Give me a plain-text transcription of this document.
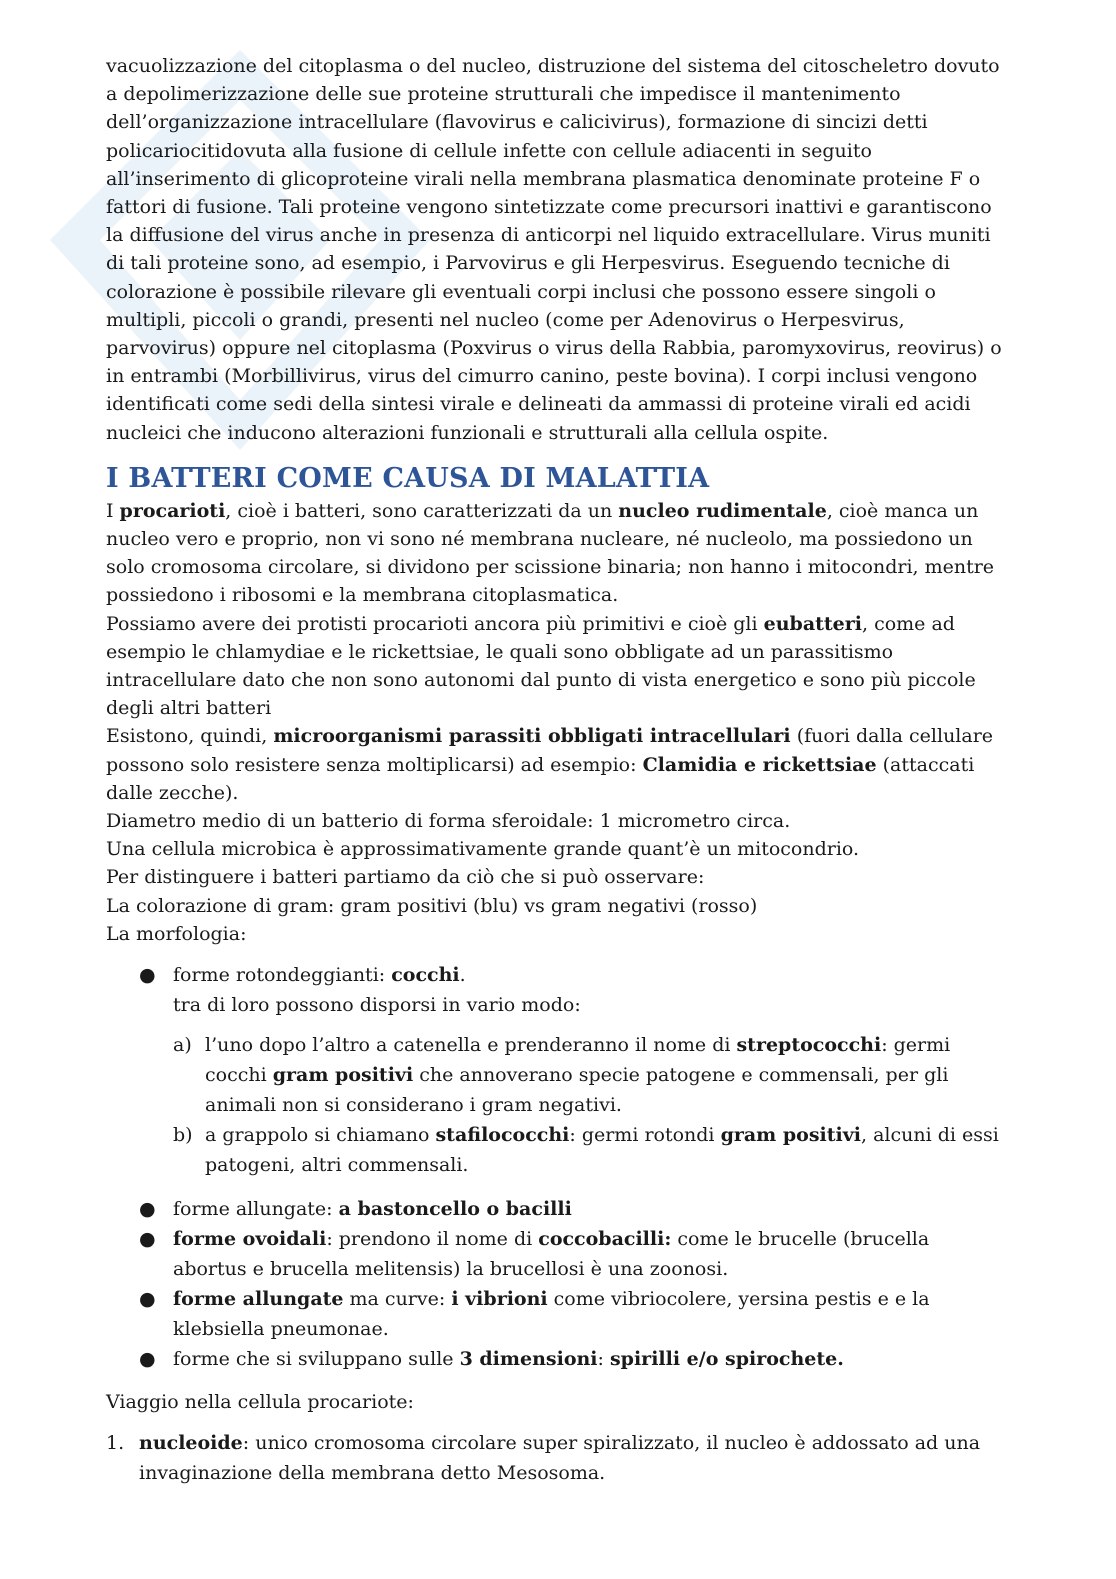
vacuolizzazione del citoplasma o del nucleo, distruzione del sistema del citoscheletro dovuto a depolimerizzazione delle sue proteine strutturali che impedisce il mantenimento dell’organizzazione intracellulare (flavovirus e calicivirus), formazione di sincizi detti policariocitidovuta alla fusione di cellule infette con cellule adiacenti in seguito all’inserimento di glicoproteine virali nella membrana plasmatica denominate proteine F o fattori di fusione. Tali proteine vengono sintetizzate come precursori inattivi e garantiscono la diffusione del virus anche in presenza di anticorpi nel liquido extracellulare. Virus muniti di tali proteine sono, ad esempio, i Parvovirus e gli Herpesvirus. Eseguendo tecniche di colorazione è possibile rilevare gli eventuali corpi inclusi che possono essere singoli o multipli, piccoli o grandi, presenti nel nucleo (come per Adenovirus o Herpesvirus, parvovirus) oppure nel citoplasma (Poxvirus o virus della Rabbia, paromyxovirus, reovirus) o in entrambi (Morbillivirus, virus del cimurro canino, peste bovina). I corpi inclusi vengono identificati come sedi della sintesi virale e delineati da ammassi di proteine virali ed acidi nucleici che inducono alterazioni funzionali e strutturali alla cellula ospite.

I BATTERI COME CAUSA DI MALATTIA

I procarioti, cioè i batteri, sono caratterizzati da un nucleo rudimentale, cioè manca un nucleo vero e proprio, non vi sono né membrana nucleare, né nucleolo, ma possiedono un solo cromosoma circolare, si dividono per scissione binaria; non hanno i mitocondri, mentre possiedono i ribosomi e la membrana citoplasmatica.

Possiamo avere dei protisti procarioti ancora più primitivi e cioè gli eubatteri, come ad esempio le chlamydiae e le rickettsiae, le quali sono obbligate ad un parassitismo intracellulare dato che non sono autonomi dal punto di vista energetico e sono più piccole degli altri batteri

Esistono, quindi, microorganismi parassiti obbligati intracellulari (fuori dalla cellulare possono solo resistere senza moltiplicarsi) ad esempio: Clamidia e rickettsiae (attaccati dalle zecche).

Diametro medio di un batterio di forma sferoidale: 1 micrometro circa.
Una cellula microbica è approssimativamente grande quant’è un mitocondrio.
Per distinguere i batteri partiamo da ciò che si può osservare:
La colorazione di gram: gram positivi (blu) vs gram negativi (rosso)
La morfologia:
● forme rotondeggianti: cocchi.
tra di loro possono disporsi in vario modo:
a) l’uno dopo l’altro a catenella e prenderanno il nome di streptococchi: germi cocchi gram positivi che annoverano specie patogene e commensali, per gli animali non si considerano i gram negativi.
b) a grappolo si chiamano stafilococchi: germi rotondi gram positivi, alcuni di essi patogeni, altri commensali.
● forme allungate: a bastoncello o bacilli
● forme ovoidali: prendono il nome di coccobacilli: come le brucelle (brucella abortus e brucella melitensis) la brucellosi è una zoonosi.
● forme allungate ma curve: i vibrioni come vibriocolere, yersina pestis e e la klebsiella pneumonae.
● forme che si sviluppano sulle 3 dimensioni: spirilli e/o spirochete.
Viaggio nella cellula procariote:
1. nucleoide: unico cromosoma circolare super spiralizzato, il nucleo è addossato ad una invaginazione della membrana detto Mesosoma.
